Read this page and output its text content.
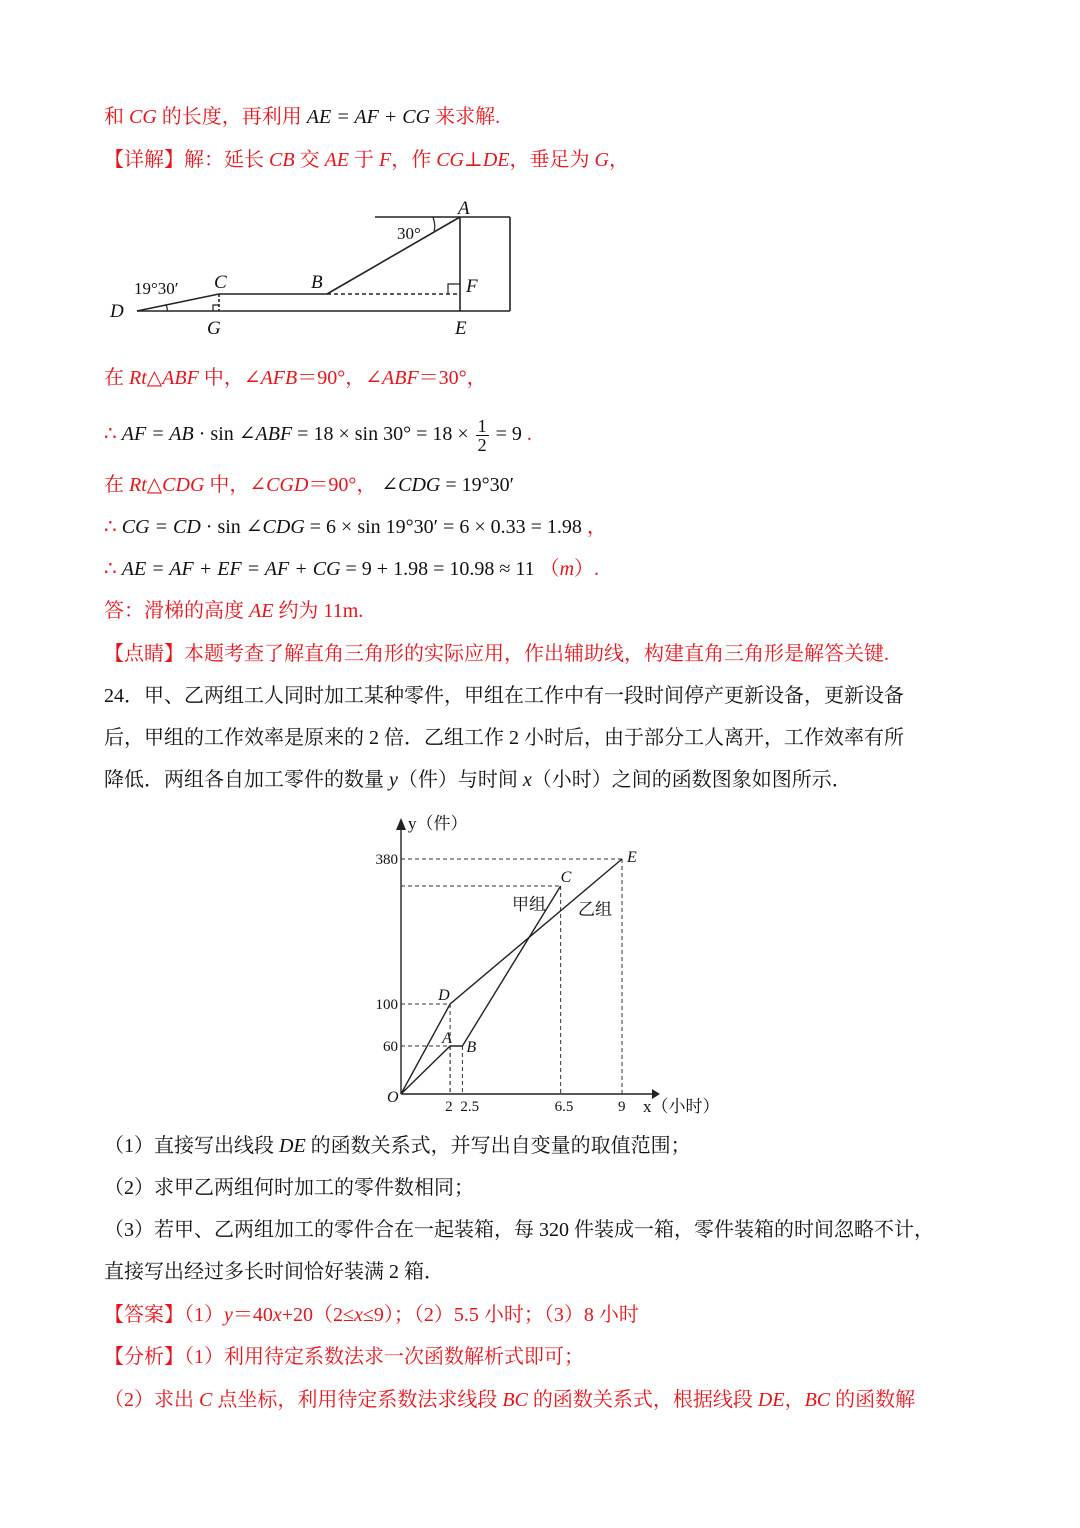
和 CG 的长度，再利用 AE = AF + CG 来求解.
【详解】解：延长 CB 交 AE 于 F，作 CG⊥DE，垂足为 G，
在 Rt△ABF 中，∠AFB＝90°，∠ABF＝30°，
∴ AF = AB · sin ∠ABF = $18 \times \sin 30^\circ = 18 \times \frac{1}{2} = 9$ .
在 Rt△CDG 中，∠CGD＝90°， ∠CDG = 19°30′
∴ CG = CD · sin ∠CDG = 6 × sin 19°30′ = 6 × 0.33 = 1.98 ，
∴ AE = AF + EF = AF + CG = 9 + 1.98 = 10.98 ≈ 11 （m）.
答：滑梯的高度 AE 约为 11m.
【点睛】本题考查了解直角三角形的实际应用，作出辅助线，构建直角三角形是解答关键.
24．甲、乙两组工人同时加工某种零件，甲组在工作中有一段时间停产更新设备，更新设备
后，甲组的工作效率是原来的 2 倍．乙组工作 2 小时后，由于部分工人离开，工作效率有所
降低．两组各自加工零件的数量 y（件）与时间 x（小时）之间的函数图象如图所示．
（1）直接写出线段 DE 的函数关系式，并写出自变量的取值范围；
（2）求甲乙两组何时加工的零件数相同；
（3）若甲、乙两组加工的零件合在一起装箱，每 320 件装成一箱，零件装箱的时间忽略不计，
直接写出经过多长时间恰好装满 2 箱．
【答案】（1）y＝40x+20（2≤x≤9）；（2）5.5 小时；（3）8 小时
【分析】（1）利用待定系数法求一次函数解析式即可；
（2）求出 C 点坐标，利用待定系数法求线段 BC 的函数关系式，根据线段 DE，BC 的函数解
A
B
C
D
E
F
G
30°
19°30′
O
A
B
C
D
E
2 2.5	6.5	9
60
100
380
x（小时）
y（件）
甲组 乙组
